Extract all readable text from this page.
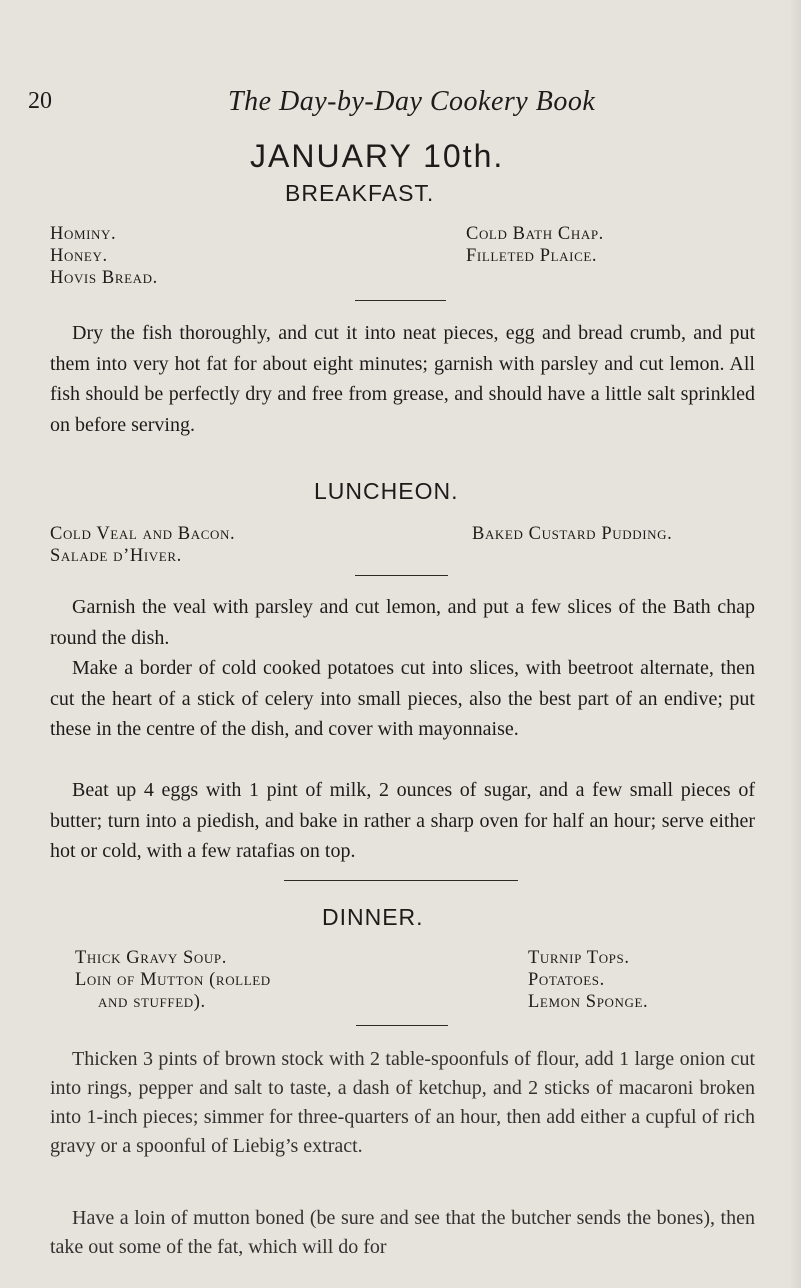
20	The Day-by-Day Cookery Book
JANUARY 10th.
BREAKFAST.
Hominy.
Honey.
Hovis Bread.
Cold Bath Chap.
Filleted Plaice.
Dry the fish thoroughly, and cut it into neat pieces, egg and bread crumb, and put them into very hot fat for about eight minutes; garnish with parsley and cut lemon. All fish should be perfectly dry and free from grease, and should have a little salt sprinkled on before serving.
LUNCHEON.
Cold Veal and Bacon.
Salade d’Hiver.
Baked Custard Pudding.
Garnish the veal with parsley and cut lemon, and put a few slices of the Bath chap round the dish.
Make a border of cold cooked potatoes cut into slices, with beetroot alternate, then cut the heart of a stick of celery into small pieces, also the best part of an endive; put these in the centre of the dish, and cover with mayonnaise.
Beat up 4 eggs with 1 pint of milk, 2 ounces of sugar, and a few small pieces of butter; turn into a piedish, and bake in rather a sharp oven for half an hour; serve either hot or cold, with a few ratafias on top.
DINNER.
Thick Gravy Soup.
Loin of Mutton (rolled
and stuffed).
Turnip Tops.
Potatoes.
Lemon Sponge.
Thicken 3 pints of brown stock with 2 table-spoonfuls of flour, add 1 large onion cut into rings, pepper and salt to taste, a dash of ketchup, and 2 sticks of macaroni broken into 1-inch pieces; simmer for three-quarters of an hour, then add either a cupful of rich gravy or a spoonful of Liebig’s extract.
Have a loin of mutton boned (be sure and see that the butcher sends the bones), then take out some of the fat, which will do for
